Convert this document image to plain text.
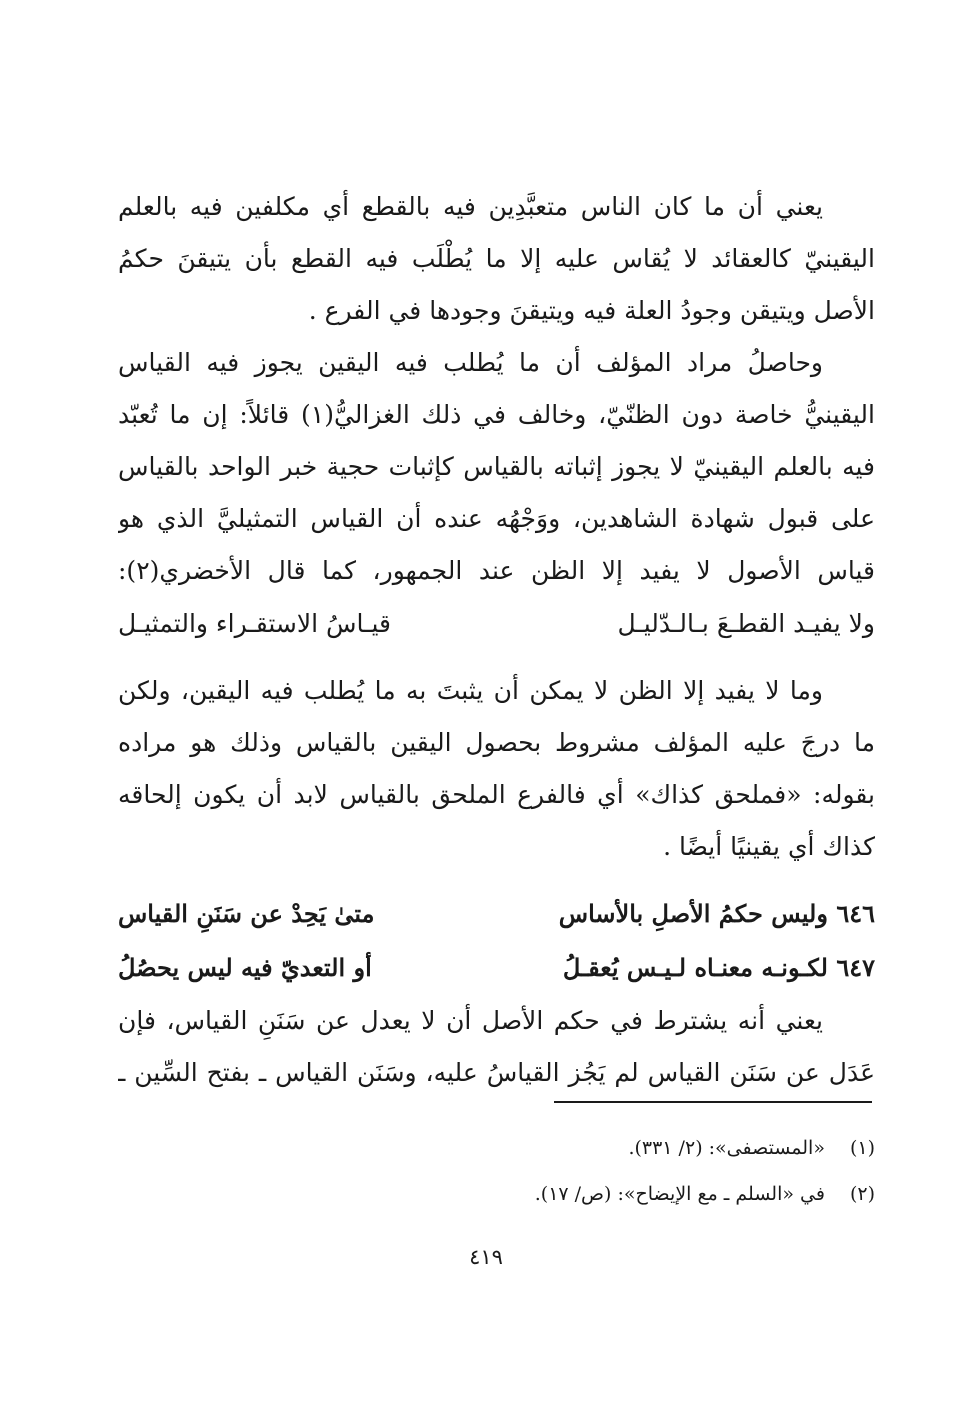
يعني أن ما كان الناس متعبَّدِين فيه بالقطع أي مكلفين فيه بالعلم
اليقينيّ كالعقائد لا يُقاس عليه إلا ما يُطْلَب فيه القطع بأن يتيقنَ حكمُ
الأصل ويتيقن وجودُ العلة فيه ويتيقنَ وجودها في الفرع .
وحاصلُ مراد المؤلف أن ما يُطلب فيه اليقين يجوز فيه القياس
اليقينيُّ خاصة دون الظنّيّ، وخالف في ذلك الغزاليُّ(١) قائلاً: إن ما تُعبّد
فيه بالعلم اليقينيّ لا يجوز إثباته بالقياس كإثبات حجية خبر الواحد بالقياس
على قبول شهادة الشاهدين، ووَجْهُه عنده أن القياس التمثيليَّ الذي هو
قياس الأصول لا يفيد إلا الظن عند الجمهور، كما قال الأخضري(٢):
ولا يفيـد القطـعَ بـالـدّليـل
قيـاسُ الاستقـراء والتمثيـل
وما لا يفيد إلا الظن لا يمكن أن يثبتَ به ما يُطلب فيه اليقين، ولكن
ما درجَ عليه المؤلف مشروط بحصول اليقين بالقياس وذلك هو مراده
بقوله: «فملحق كذاك» أي فالفرع الملحق بالقياس لابد أن يكون إلحاقه
كذاك أي يقينيًا أيضًا .
٦٤٦ وليس حكمُ الأصلِ بالأساس
متىٰ يَحِدْ عن سَنَنِ القياس
٦٤٧ لكـونـه معنـاه لـيـس يُعقـلُ
أو التعديّ فيه ليس يحصُلُ
يعني أنه يشترط في حكم الأصل أن لا يعدل عن سَنَنِ القياس، فإن
عَدَل عن سَنَن القياس لم يَجُز القياسُ عليه، وسَنَن القياس ـ بفتح السِّين ـ
(١) «المستصفى»: (٢/ ٣٣١).
(٢) في «السلم ـ مع الإيضاح»: (ص/ ١٧).
٤١٩
